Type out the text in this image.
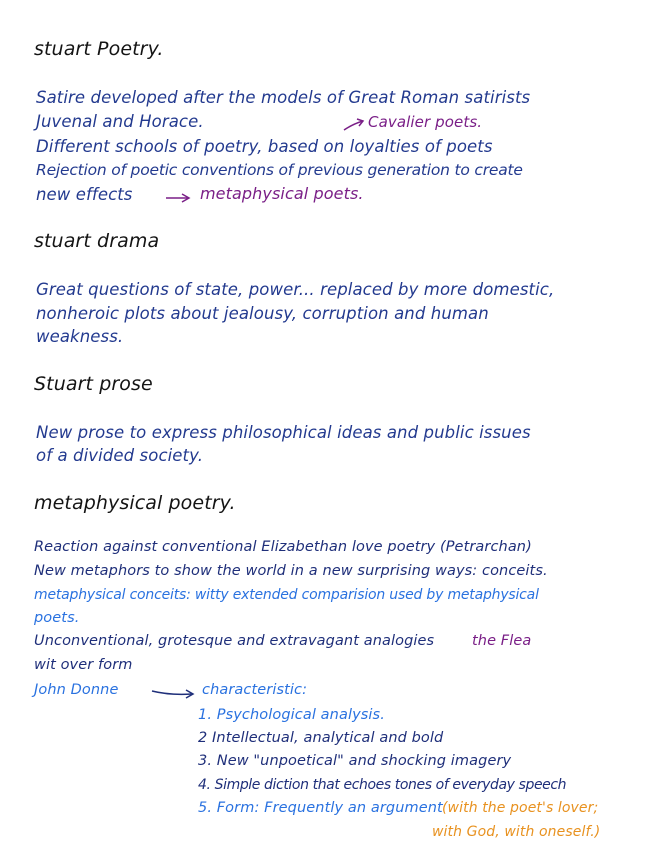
stuart Poetry.
Satire developed after the models of Great Roman satirists
Juvenal and Horace.	Cavalier poets.
Different schools of poetry, based on loyalties of poets
Rejection of poetic conventions of previous generation to create
new effects	metaphysical poets.
stuart drama
Great questions of state, power... replaced by more domestic,
nonheroic plots about jealousy, corruption and human
weakness.
Stuart prose
New prose to express philosophical ideas and public issues
of a divided society.
metaphysical poetry.
Reaction against conventional Elizabethan love poetry (Petrarchan)
New metaphors to show the world in a new surprising ways: conceits.
metaphysical conceits: witty extended comparision used by metaphysical
poets.
Unconventional, grotesque and extravagant analogies	the Flea
wit over form
John Donne	characteristic:
1. Psychological analysis.
2 Intellectual, analytical and bold
3. New "unpoetical" and shocking imagery
4. Simple diction that echoes tones of everyday speech
5. Form: Frequently an argument (with the poet's lover;
with God, with oneself.)
